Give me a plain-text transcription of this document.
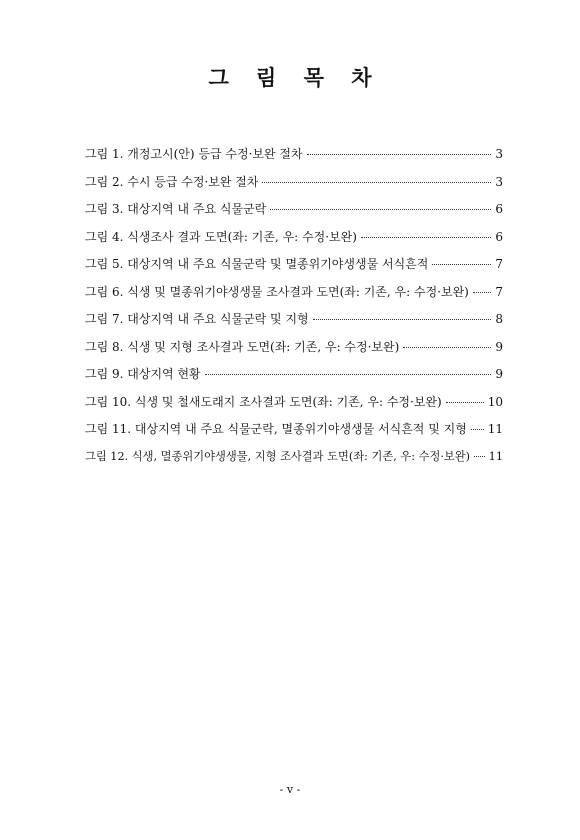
그 림 목 차
그림 1. 개정고시(안) 등급 수정·보완 절차	3
그림 2. 수시 등급 수정·보완 절차	3
그림 3. 대상지역 내 주요 식물군락	6
그림 4. 식생조사 결과 도면(좌: 기존, 우: 수정·보완)	6
그림 5. 대상지역 내 주요 식물군락 및 멸종위기야생생물 서식흔적	7
그림 6. 식생 및 멸종위기야생생물 조사결과 도면(좌: 기존, 우: 수정·보완) 7
그림 7. 대상지역 내 주요 식물군락 및 지형	8
그림 8. 식생 및 지형 조사결과 도면(좌: 기존, 우: 수정·보완)	9
그림 9. 대상지역 현황	9
그림 10. 식생 및 철새도래지 조사결과 도면(좌: 기존, 우: 수정·보완)	10
그림 11. 대상지역 내 주요 식물군락, 멸종위기야생생물 서식흔적 및 지형 11
그림 12. 식생, 멸종위기야생생물, 지형 조사결과 도면(좌: 기존, 우: 수정·보완) 11
- v -
